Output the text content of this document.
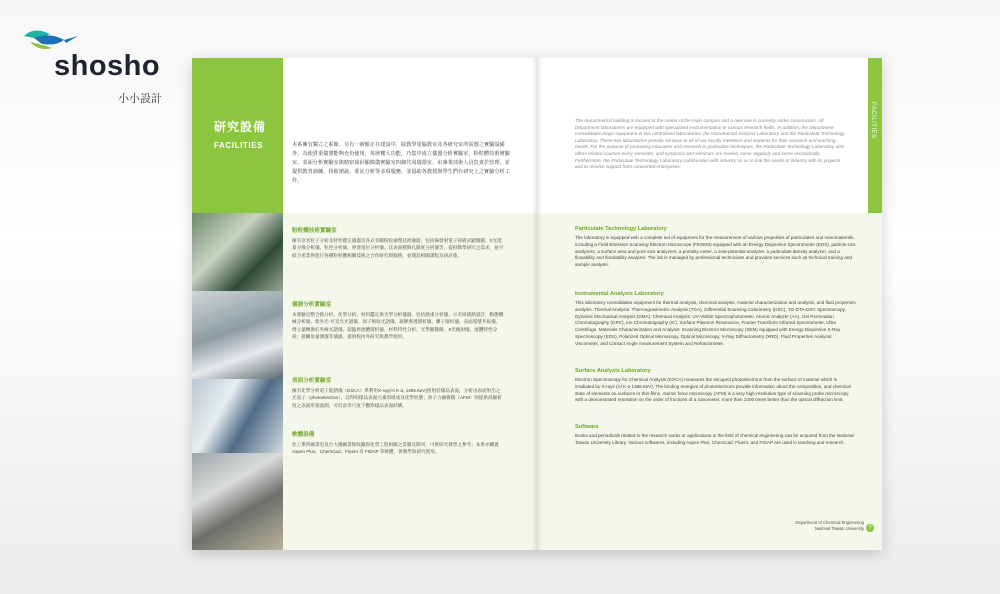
shosho
小小設計
研究設備
FACILITIES	本系擁有獨立之系館，另有一新館正在建設中，除教學電腦教室及各研究室所需器之實驗設備外，為使貴重儀器能夠充份使用，每層樓大功能，乃集中成立儀器分析實驗室、粉粒體技術實驗室、表面分析實驗室與精密探針顯微儀實驗室四個共同儀器室，由專業技術人員負責於管理，並提供教育訓練、技術諮詢、委託分析等多項服務，並協助各教授與學生們在研究上之實驗分析工作。
粉粒體技術實驗室
擁有奈米粒子分析及特性鑑定儀器及各式有關粉粒處理技術儀器，包括場發射電子掃描式顯微鏡、X光能量分散分析儀、粒徑分析儀、界達電位分析儀、比表面積與孔隙度分析儀等，提供教學研究之需求，並可結合產業界進行各種粉粒體相關技術之合作研究與服務，並開設相關課程及研討會。
儀器分析實驗室
本實驗室整合熱分析、化學分析、材料鑑定與光學分析儀器，包括熱重分析儀、示差掃描熱量計、動態機械分析儀、紫外光-可見光光譜儀、原子吸收光譜儀、凝膠滲透層析儀、離子層析儀、表面電漿共振儀、傅立葉轉換紅外線光譜儀、超臨界流體層析儀、材料特性分析、光學顯微鏡、X光繞射儀、流體特性分析、接觸角量測儀等儀器，提供校內外研究與教學使用。
表面分析實驗室
擁有化學分析電子能譜儀（ESCA）系利用X-ray(Al K-α, 1486.6eV)照射於樣品表面，分析由表面射出之光電子（photoelectron），以得知樣品表面元素的組成及化學狀態；原子力顯微鏡（AFM）則提供高解析度之表面形貌量測，可於奈米尺度下觀察樣品表面結構。
軟體設備
化工系所圖書室及台大總圖書館收藏與化學工程相關之書籍及期刊，可供研究教學之參考；本系亦購置 Aspen Plus、ChemCad、Fluent 及 FIDAP 等軟體，供教學與研究使用。
FACILITIES
The departmental building is located at the center of the main campus and a new one is currently under construction. All Department laboratories are equipped with specialized instrumentation in various research fields. In addition, the Department consolidates major equipment in two centralized laboratories: the Instrumental Analysis Laboratory and the Particulate Technology Laboratory. These two laboratories provide services to all of our faculty members and students for their research and teaching needs. For the purpose of promoting education and research in particulate techniques, the Particulate Technology Laboratory also offers related courses every semester, and symposia and seminars are hosted, some regularly and some occasionally. Furthermore, the Particulate Technology Laboratory collaborates with industry so as to link the needs of industry with its projects and to receive support from concerned enterprises.
Particulate Technology Laboratory
The laboratory is equipped with a complete set of equipment for the measurement of various properties of particulates and nanomaterials, including a Field Emission Scanning Electron Microscope (FESEM) equipped with an Energy Dispersive Spectrometer (EDS), particle size analyzers, a surface area and pore size analyzers, a porosity meter, a zeta-potential analyzer, a particulate density analyzer, and a flowability and floodability analyzer. The lab is managed by professional technicians and provides services such as technical training and sample analysis.
Instrumental Analysis Laboratory
This laboratory consolidates equipment for thermal analysis, chemical analysis, material characterization and analysis, and fluid properties analysis. Thermal Analysis: Thermogravimetric Analysis (TGA), Differential Scanning Calorimetry (DSC), TG-DTA-DSC Spectroscopy, Dynamic Mechanical Analysis (DMA). Chemical Analysis: UV-Visible Spectrophotometer, Atomic Analyzer (AA), Gel Permeation Chromatography (GPC), Ion Chromatography (IC), Surface Plasmon Resonance, Fourier Transform Infrared Spectrometer, Ultra Centrifuge. Materials Characterization and Analysis: Scanning Electron Microscopy (SEM) equipped with Energy-Dispersive X-Ray Spectroscopy (EDS), Polarized Optical Microscopy, Optical Microscopy, X-Ray Diffractometry (XRD). Fluid Properties Analysis: Viscometer, and Contact Angle measurement System and Refractometer.
Surface Analysis Laboratory
Electron Spectroscopy for Chemical Analysis (ESCA) measures the escaped photoelectrons from the surface of material which is irradiated by X-rays (Al K-α 1486.6eV). The binding energies of photoelectrons provide information about the composition, and chemical state of elements on surfaces or thin-films. Atomic force microscopy (AFM) is a very high-resolution type of scanning probe microscopy, with a demonstrated resolution on the order of fractions of a nanometer, more than 1000 times better than the optical diffraction limit.
Software
Books and periodicals related to the research works or applications in the field of chemical engineering can be acquired from the National Taiwan University Library. Various softwares, including Aspen Plus, ChemCad, Fluent, and FIDAP are used in teaching and research.
Department of Chemical Engineering
National Taiwan University 7
